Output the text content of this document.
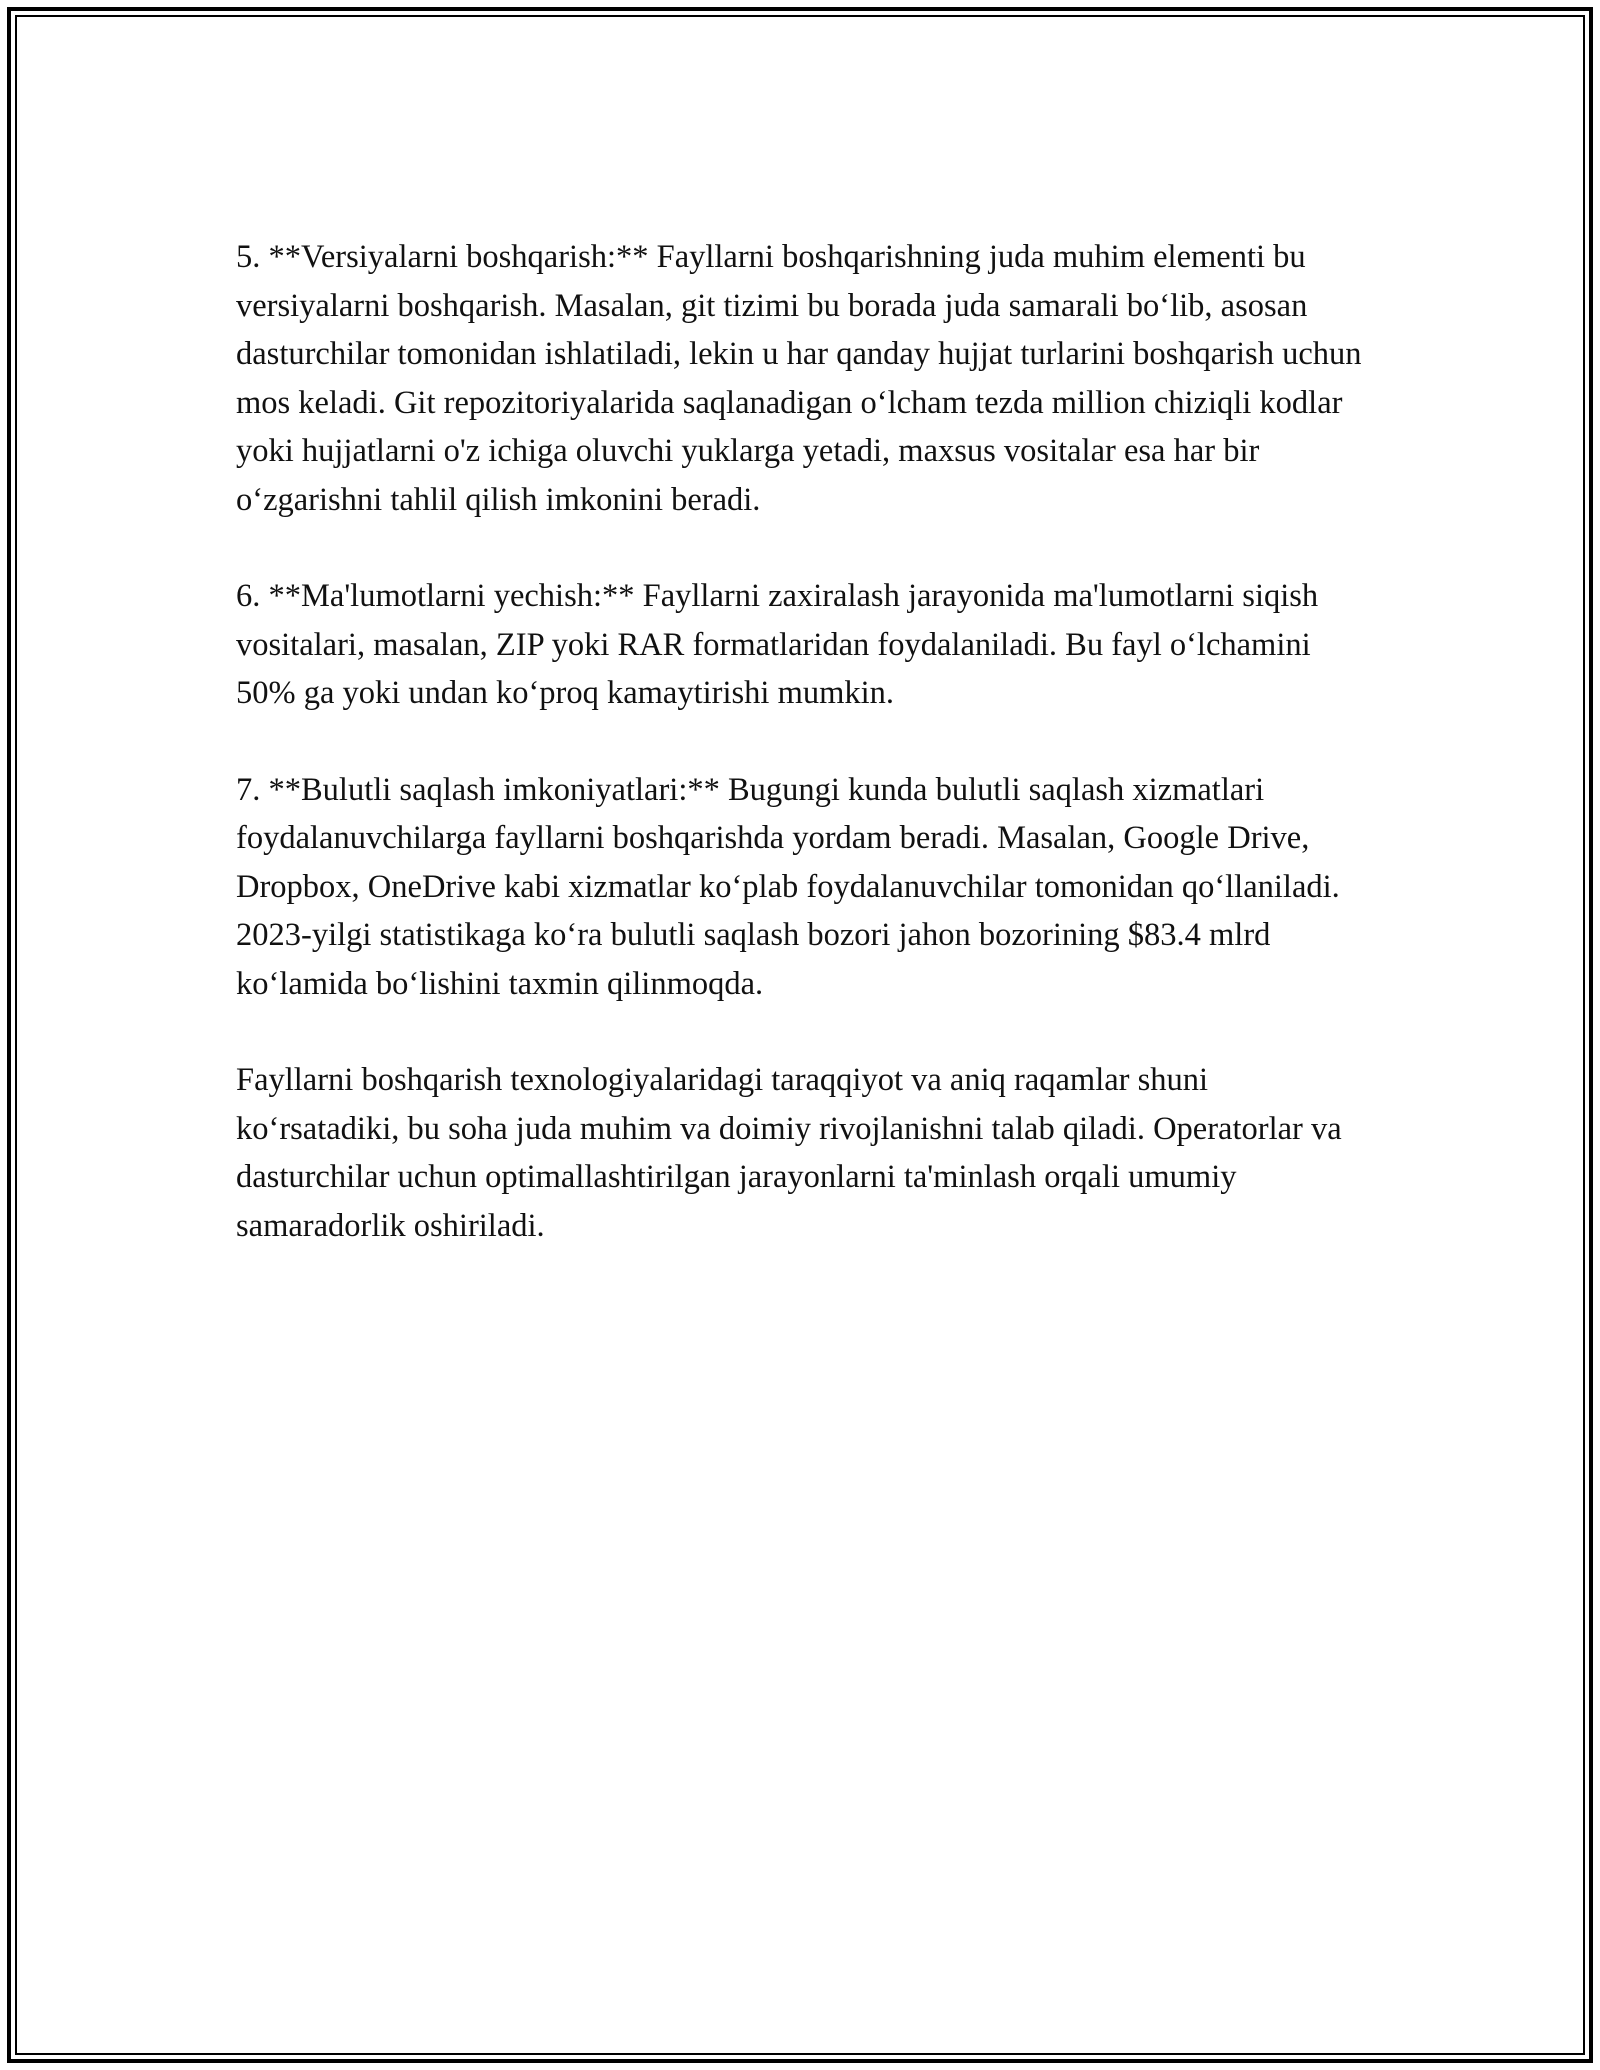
5. **Versiyalarni boshqarish:** Fayllarni boshqarishning juda muhim elementi bu versiyalarni boshqarish. Masalan, git tizimi bu borada juda samarali bo‘lib, asosan dasturchilar tomonidan ishlatiladi, lekin u har qanday hujjat turlarini boshqarish uchun mos keladi. Git repozitoriyalarida saqlanadigan o‘lcham tezda million chiziqli kodlar yoki hujjatlarni o'z ichiga oluvchi yuklarga yetadi, maxsus vositalar esa har bir o‘zgarishni tahlil qilish imkonini beradi.

6. **Ma'lumotlarni yechish:** Fayllarni zaxiralash jarayonida ma'lumotlarni siqish vositalari, masalan, ZIP yoki RAR formatlaridan foydalaniladi. Bu fayl o‘lchamini 50% ga yoki undan ko‘proq kamaytirishi mumkin.

7. **Bulutli saqlash imkoniyatlari:** Bugungi kunda bulutli saqlash xizmatlari foydalanuvchilarga fayllarni boshqarishda yordam beradi. Masalan, Google Drive, Dropbox, OneDrive kabi xizmatlar ko‘plab foydalanuvchilar tomonidan qo‘llaniladi. 2023-yilgi statistikaga ko‘ra bulutli saqlash bozori jahon bozorining $83.4 mlrd ko‘lamida bo‘lishini taxmin qilinmoqda.

Fayllarni boshqarish texnologiyalaridagi taraqqiyot va aniq raqamlar shuni ko‘rsatadiki, bu soha juda muhim va doimiy rivojlanishni talab qiladi. Operatorlar va dasturchilar uchun optimallashtirilgan jarayonlarni ta'minlash orqali umumiy samaradorlik oshiriladi.
